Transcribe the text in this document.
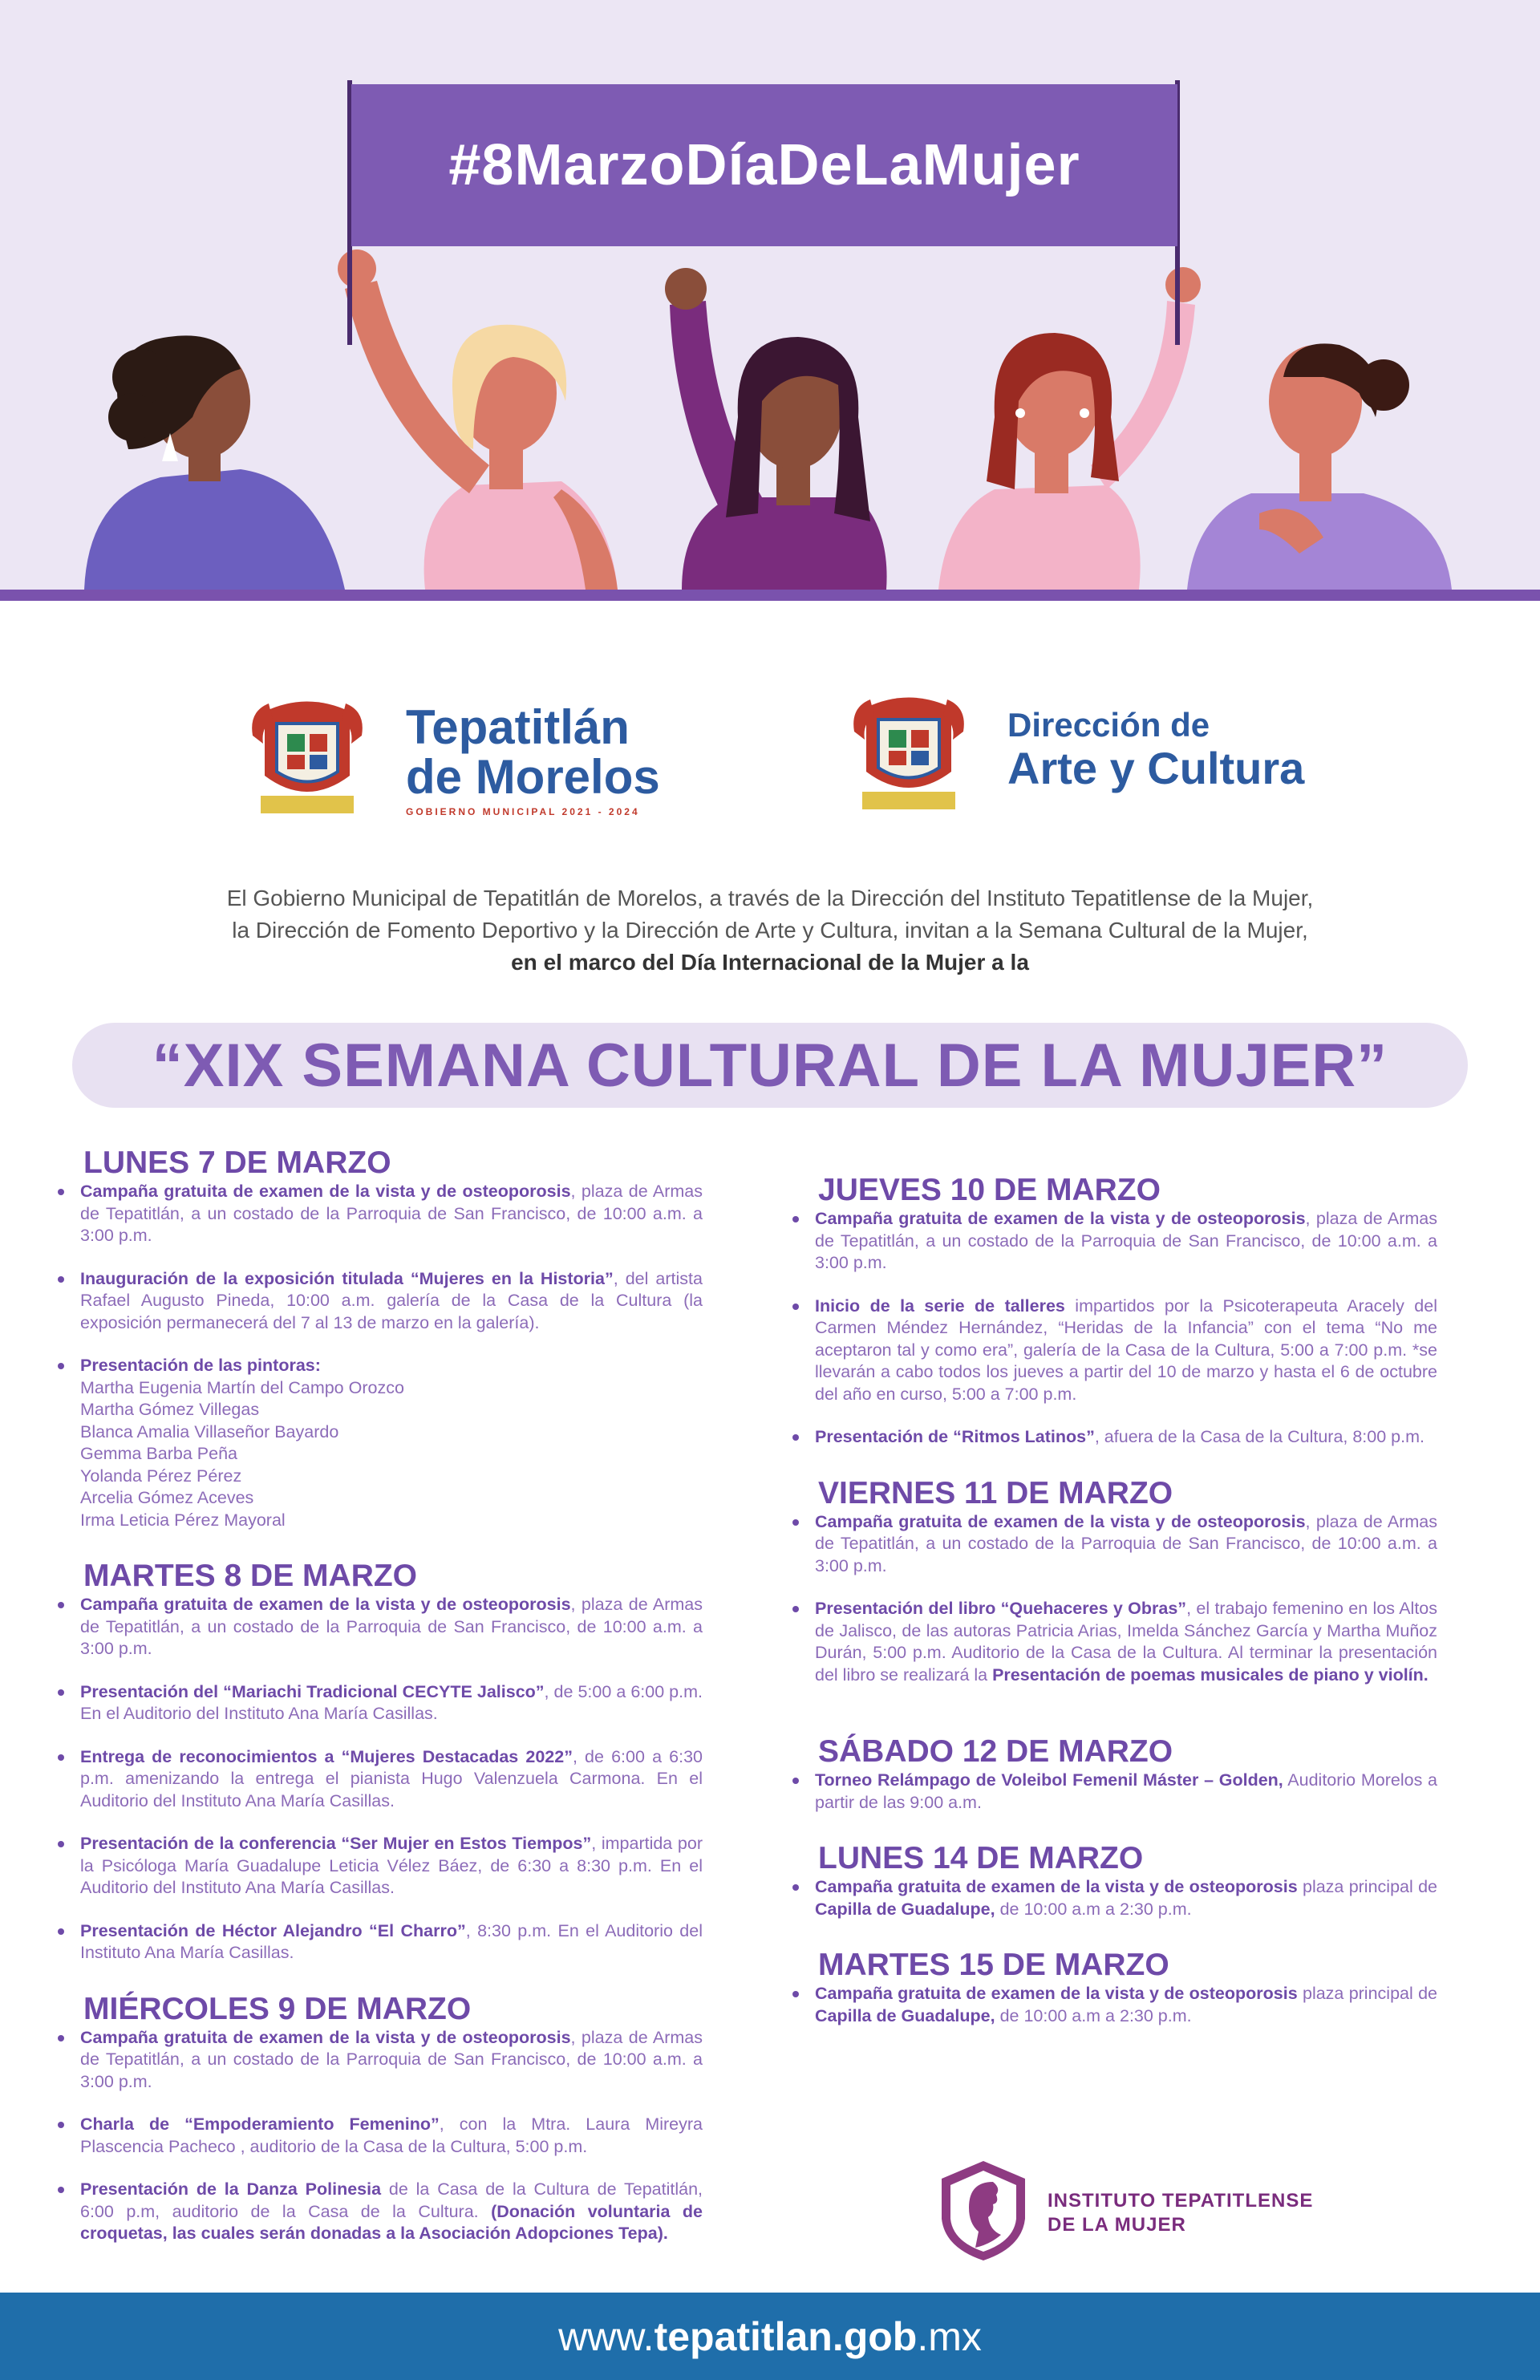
#8MarzoDíaDeLaMujer
Tepatitlán
de Morelos
GOBIERNO MUNICIPAL 2021 - 2024
Dirección de
Arte y Cultura
El Gobierno Municipal de Tepatitlán de Morelos, a través de la Dirección del Instituto Tepatitlense de la Mujer,
la Dirección de Fomento Deportivo y la Dirección de Arte y Cultura, invitan a la Semana Cultural de la Mujer,
en el marco del Día Internacional de la Mujer a la
“XIX SEMANA CULTURAL DE LA MUJER”
LUNES 7 DE MARZO

Campaña gratuita de examen de la vista y de osteoporosis, plaza de Armas de Tepatitlán, a un costado de la Parroquia de San Francisco, de 10:00 a.m. a 3:00 p.m.

Inauguración de la exposición titulada “Mujeres en la Historia”, del artista Rafael Augusto Pineda, 10:00 a.m. galería de la Casa de la Cultura (la exposición permanecerá del 7 al 13 de marzo en la galería).

Presentación de las pintoras:
Martha Eugenia Martín del Campo Orozco
Martha Gómez Villegas
Blanca Amalia Villaseñor Bayardo
Gemma Barba Peña
Yolanda Pérez Pérez
Arcelia Gómez Aceves
Irma Leticia Pérez Mayoral
MARTES 8 DE MARZO

Campaña gratuita de examen de la vista y de osteoporosis, plaza de Armas de Tepatitlán, a un costado de la Parroquia de San Francisco, de 10:00 a.m. a 3:00 p.m.

Presentación del “Mariachi Tradicional CECYTE Jalisco”, de 5:00 a 6:00 p.m. En el Auditorio del Instituto Ana María Casillas.

Entrega de reconocimientos a “Mujeres Destacadas 2022”, de 6:00 a 6:30 p.m. amenizando la entrega el pianista Hugo Valenzuela Carmona. En el Auditorio del Instituto Ana María Casillas.

Presentación de la conferencia “Ser Mujer en Estos Tiempos”, impartida por la Psicóloga María Guadalupe Leticia Vélez Báez, de 6:30 a 8:30 p.m. En el Auditorio del Instituto Ana María Casillas.

Presentación de Héctor Alejandro “El Charro”, 8:30 p.m. En el Auditorio del Instituto Ana María Casillas.

MIÉRCOLES 9 DE MARZO

Campaña gratuita de examen de la vista y de osteoporosis, plaza de Armas de Tepatitlán, a un costado de la Parroquia de San Francisco, de 10:00 a.m. a 3:00 p.m.

Charla de “Empoderamiento Femenino”, con la Mtra. Laura Mireyra Plascencia Pacheco , auditorio de la Casa de la Cultura, 5:00 p.m.

Presentación de la Danza Polinesia de la Casa de la Cultura de Tepatitlán, 6:00 p.m, auditorio de la Casa de la Cultura. (Donación voluntaria de croquetas, las cuales serán donadas a la Asociación Adopciones Tepa).

JUEVES 10 DE MARZO

Campaña gratuita de examen de la vista y de osteoporosis, plaza de Armas de Tepatitlán, a un costado de la Parroquia de San Francisco, de 10:00 a.m. a 3:00 p.m.

Inicio de la serie de talleres impartidos por la Psicoterapeuta Aracely del Carmen Méndez Hernández, “Heridas de la Infancia” con el tema “No me aceptaron tal y como era”, galería de la Casa de la Cultura, 5:00 a 7:00 p.m. *se llevarán a cabo todos los jueves a partir del 10 de marzo y hasta el 6 de octubre del año en curso, 5:00 a 7:00 p.m.

Presentación de “Ritmos Latinos”, afuera de la Casa de la Cultura, 8:00 p.m.

VIERNES 11 DE MARZO

Campaña gratuita de examen de la vista y de osteoporosis, plaza de Armas de Tepatitlán, a un costado de la Parroquia de San Francisco, de 10:00 a.m. a 3:00 p.m.

Presentación del libro “Quehaceres y Obras”, el trabajo femenino en los Altos de Jalisco, de las autoras Patricia Arias, Imelda Sánchez García y Martha Muñoz Durán, 5:00 p.m. Auditorio de la Casa de la Cultura. Al terminar la presentación del libro se realizará la Presentación de poemas musicales de piano y violín.

SÁBADO 12 DE MARZO

Torneo Relámpago de Voleibol Femenil Máster – Golden, Auditorio Morelos a partir de las 9:00 a.m.

LUNES 14 DE MARZO

Campaña gratuita de examen de la vista y de osteoporosis plaza principal de Capilla de Guadalupe, de 10:00 a.m a 2:30 p.m.

MARTES 15 DE MARZO

Campaña gratuita de examen de la vista y de osteoporosis plaza principal de Capilla de Guadalupe, de 10:00 a.m a 2:30 p.m.

INSTITUTO TEPATITLENSE
DE LA MUJER
www.tepatitlan.gob.mx
